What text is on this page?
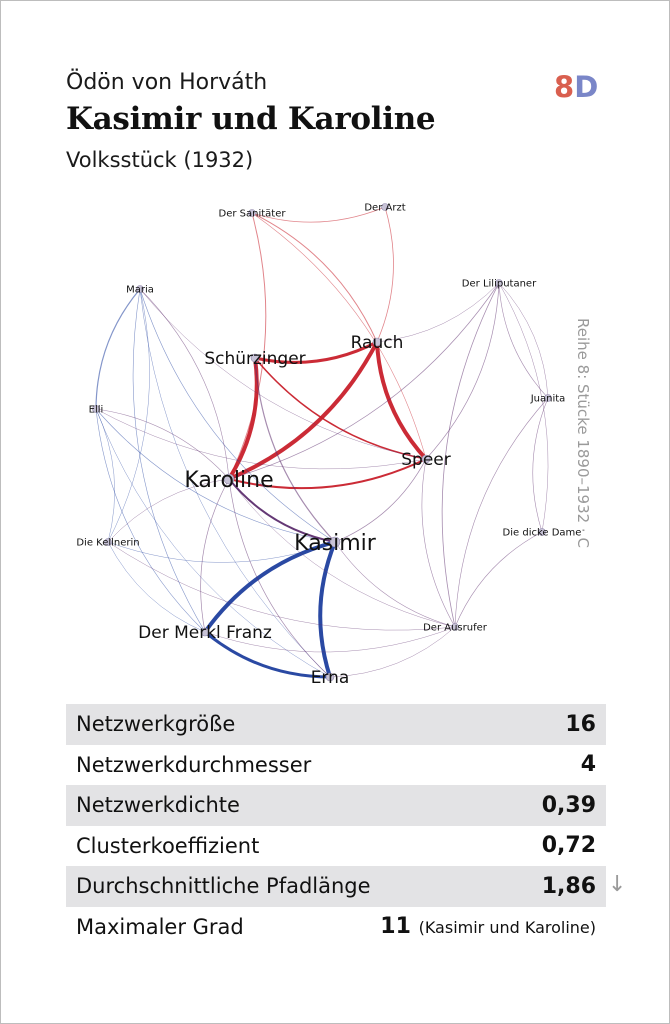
Ödön von Horváth
Kasimir und Karoline
Volksstück (1932)
8D
Reihe 8: Stücke 1890–1932 · C
Der Sanitäter
Der Arzt
Maria
Der Liliputaner
Rauch
Schürzinger
Elli
Juanita
Speer
Karoline
Kasimir
Die Kellnerin
Die dicke Dame
Der Merkl Franz	Der Ausrufer
Erna
Netzwerkgröße	16
Netzwerkdurchmesser	4
Netzwerkdichte	0,39
Clusterkoeffizient	0,72
Durchschnittliche Pfadlänge	1,86
Maximaler Grad	11 (Kasimir und Karoline)
↓
